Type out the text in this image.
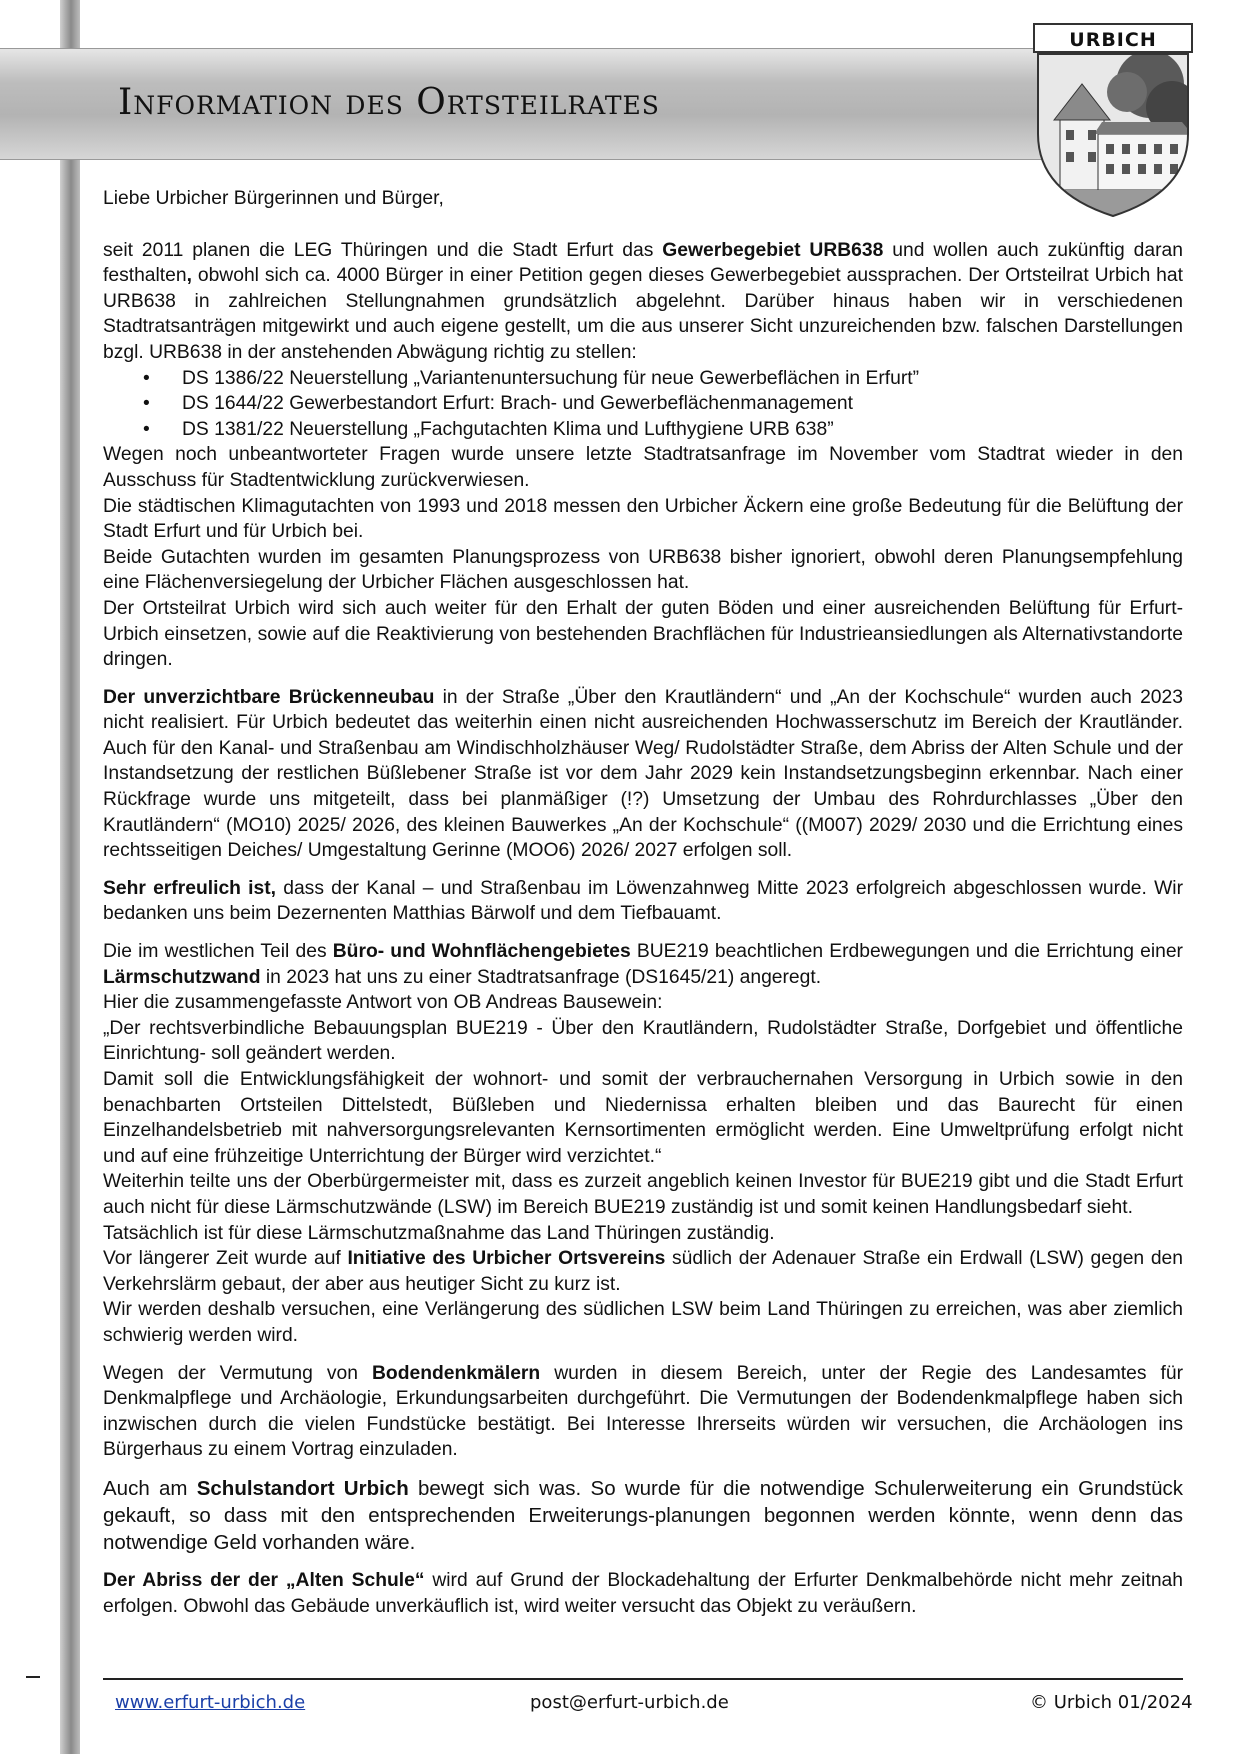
Information des Ortsteilrates
URBICH

Liebe Urbicher Bürgerinnen und Bürger,

seit 2011 planen die LEG Thüringen und die Stadt Erfurt das Gewerbegebiet URB638 und wollen auch zukünftig daran festhalten, obwohl sich ca. 4000 Bürger in einer Petition gegen dieses Gewerbegebiet aussprachen. Der Ortsteilrat Urbich hat URB638 in zahlreichen Stellungnahmen grundsätzlich abgelehnt. Darüber hinaus haben wir in verschiedenen Stadtratsanträgen mitgewirkt und auch eigene gestellt, um die aus unserer Sicht unzureichenden bzw. falschen Darstellungen bzgl. URB638 in der anstehenden Abwägung richtig zu stellen:

• DS 1386/22 Neuerstellung „Variantenuntersuchung für neue Gewerbeflächen in Erfurt”
• DS 1644/22 Gewerbestandort Erfurt: Brach- und Gewerbeflächenmanagement
• DS 1381/22 Neuerstellung „Fachgutachten Klima und Lufthygiene URB 638”

Wegen noch unbeantworteter Fragen wurde unsere letzte Stadtratsanfrage im November vom Stadtrat wieder in den Ausschuss für Stadtentwicklung zurückverwiesen.

Die städtischen Klimagutachten von 1993 und 2018 messen den Urbicher Äckern eine große Bedeutung für die Belüftung der Stadt Erfurt und für Urbich bei.

Beide Gutachten wurden im gesamten Planungsprozess von URB638 bisher ignoriert, obwohl deren Planungsempfehlung eine Flächenversiegelung der Urbicher Flächen ausgeschlossen hat.

Der Ortsteilrat Urbich wird sich auch weiter für den Erhalt der guten Böden und einer ausreichenden Belüftung für Erfurt-Urbich einsetzen, sowie auf die Reaktivierung von bestehenden Brachflächen für Industrieansiedlungen als Alternativstandorte dringen.

Der unverzichtbare Brückenneubau in der Straße „Über den Krautländern“ und „An der Kochschule“ wurden auch 2023 nicht realisiert. Für Urbich bedeutet das weiterhin einen nicht ausreichenden Hochwasserschutz im Bereich der Krautländer. Auch für den Kanal- und Straßenbau am Windischholzhäuser Weg/ Rudolstädter Straße, dem Abriss der Alten Schule und der Instandsetzung der restlichen Büßlebener Straße ist vor dem Jahr 2029 kein Instandsetzungsbeginn erkennbar. Nach einer Rückfrage wurde uns mitgeteilt, dass bei planmäßiger (!?) Umsetzung der Umbau des Rohrdurchlasses „Über den Krautländern“ (MO10) 2025/ 2026, des kleinen Bauwerkes „An der Kochschule“ ((M007) 2029/ 2030 und die Errichtung eines rechtsseitigen Deiches/ Umgestaltung Gerinne (MOO6) 2026/ 2027 erfolgen soll.

Sehr erfreulich ist, dass der Kanal – und Straßenbau im Löwenzahnweg Mitte 2023 erfolgreich abgeschlossen wurde. Wir bedanken uns beim Dezernenten Matthias Bärwolf und dem Tiefbauamt.

Die im westlichen Teil des Büro- und Wohnflächengebietes BUE219 beachtlichen Erdbewegungen und die Errichtung einer Lärmschutzwand in 2023 hat uns zu einer Stadtratsanfrage (DS1645/21) angeregt.

Hier die zusammengefasste Antwort von OB Andreas Bausewein:

„Der rechtsverbindliche Bebauungsplan BUE219 - Über den Krautländern, Rudolstädter Straße, Dorfgebiet und öffentliche Einrichtung- soll geändert werden.

Damit soll die Entwicklungsfähigkeit der wohnort- und somit der verbrauchernahen Versorgung in Urbich sowie in den benachbarten Ortsteilen Dittelstedt, Büßleben und Niedernissa erhalten bleiben und das Baurecht für einen Einzelhandelsbetrieb mit nahversorgungsrelevanten Kernsortimenten ermöglicht werden. Eine Umweltprüfung erfolgt nicht und auf eine frühzeitige Unterrichtung der Bürger wird verzichtet.“

Weiterhin teilte uns der Oberbürgermeister mit, dass es zurzeit angeblich keinen Investor für BUE219 gibt und die Stadt Erfurt auch nicht für diese Lärmschutzwände (LSW) im Bereich BUE219 zuständig ist und somit keinen Handlungsbedarf sieht.

Tatsächlich ist für diese Lärmschutzmaßnahme das Land Thüringen zuständig.

Vor längerer Zeit wurde auf Initiative des Urbicher Ortsvereins südlich der Adenauer Straße ein Erdwall (LSW) gegen den Verkehrslärm gebaut, der aber aus heutiger Sicht zu kurz ist.

Wir werden deshalb versuchen, eine Verlängerung des südlichen LSW beim Land Thüringen zu erreichen, was aber ziemlich schwierig werden wird.

Wegen der Vermutung von Bodendenkmälern wurden in diesem Bereich, unter der Regie des Landesamtes für Denkmalpflege und Archäologie, Erkundungsarbeiten durchgeführt. Die Vermutungen der Bodendenkmalpflege haben sich inzwischen durch die vielen Fundstücke bestätigt. Bei Interesse Ihrerseits würden wir versuchen, die Archäologen ins Bürgerhaus zu einem Vortrag einzuladen.

Auch am Schulstandort Urbich bewegt sich was. So wurde für die notwendige Schulerweiterung ein Grundstück gekauft, so dass mit den entsprechenden Erweiterungs-planungen begonnen werden könnte, wenn denn das notwendige Geld vorhanden wäre.

Der Abriss der der „Alten Schule“ wird auf Grund der Blockadehaltung der Erfurter Denkmalbehörde nicht mehr zeitnah erfolgen. Obwohl das Gebäude unverkäuflich ist, wird weiter versucht das Objekt zu veräußern.

www.erfurt-urbich.de	post@erfurt-urbich.de	© Urbich 01/2024
